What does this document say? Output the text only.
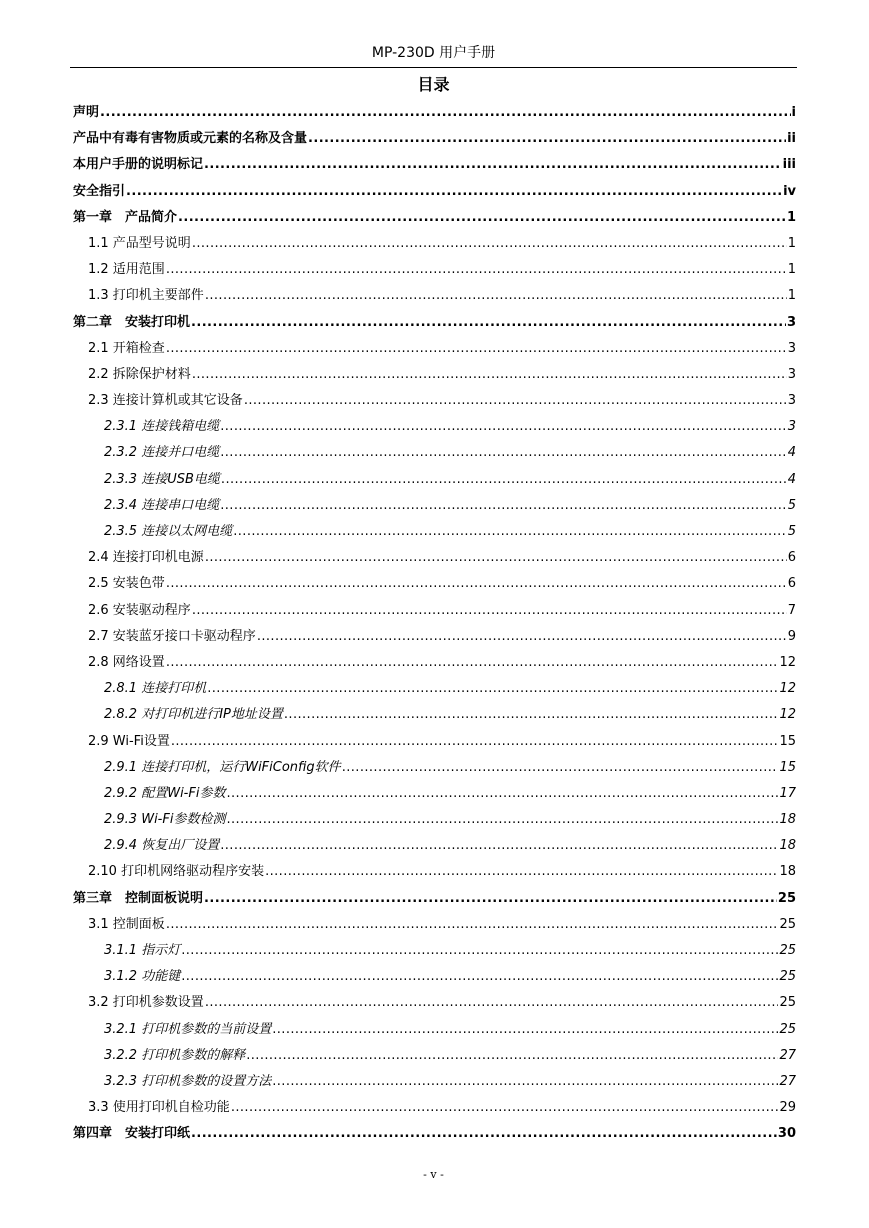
MP-230D 用户手册
目录
声明 .....	i
产品中有毒有害物质或元素的名称及含量 .....	ii
本用户手册的说明标记 .....	iii
安全指引 .....	iv
第一章　产品简介 .....	1
1.1 产品型号说明 .....	1
1.2 适用范围 .....	1
1.3 打印机主要部件 .....	1
第二章　安装打印机 .....	3
2.1 开箱检查 .....	3
2.2 拆除保护材料 .....	3
2.3 连接计算机或其它设备 .....	3
2.3.1 连接钱箱电缆 .....	3
2.3.2 连接并口电缆 .....	4
2.3.3 连接USB电缆 .....	4
2.3.4 连接串口电缆 .....	5
2.3.5 连接以太网电缆 .....	5
2.4 连接打印机电源 .....	6
2.5 安装色带 .....	6
2.6 安装驱动程序 .....	7
2.7 安装蓝牙接口卡驱动程序 .....	9
2.8 网络设置 .....	12
2.8.1 连接打印机 .....	12
2.8.2 对打印机进行IP地址设置 .....	12
2.9 Wi-Fi设置 .....	15
2.9.1 连接打印机，运行WiFiConfig软件 .....	15
2.9.2 配置Wi-Fi参数 .....	17
2.9.3 Wi-Fi参数检测 .....	18
2.9.4 恢复出厂设置 .....	18
2.10 打印机网络驱动程序安装 .....	18
第三章　控制面板说明 .....	25
3.1 控制面板 .....	25
3.1.1 指示灯 .....	25
3.1.2 功能键 .....	25
3.2 打印机参数设置 .....	25
3.2.1 打印机参数的当前设置 .....	25
3.2.2 打印机参数的解释 .....	27
3.2.3 打印机参数的设置方法 .....	27
3.3 使用打印机自检功能 .....	29
第四章　安装打印纸 .....	30
- v -
